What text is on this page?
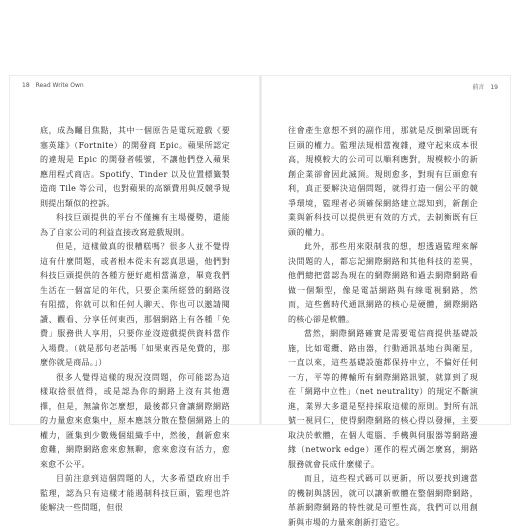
18 Read Write Own	前言 19

底，成為矚目焦點，其中一個原告是電玩遊戲《要塞英雄》（Fortnite）的開發商 Epic。蘋果所認定的違規是 Epic 的開發者帳號，不讓他們登入蘋果應用程式商店。Spotify、Tinder 以及位置標籤製造商 Tile 等公司，也對蘋果的高額費用與反競爭規則提出類似的控訴。

科技巨頭提供的平台不僅擁有主場優勢，還能為了自家公司的利益直接改寫遊戲規則。

但是，這樣做真的很糟糕嗎？很多人並不覺得這有什麼問題，或者根本從未有認真思過，他們對科技巨頭提供的各種方便好處相當滿意，畢竟我們生活在一個富足的年代，只要企業所經營的網路沒有阻擋，你就可以和任何人聊天、你也可以邀請閱讀、觀看、分享任何東西，那個網路上有各種「免費」服務供人享用，只要你並沒遊戲提供資料當作入場費。（就是那句老話嗎「如果東西是免費的，那麼你就是商品。」）

很多人覺得這樣的現況沒問題，你可能認為這樣取捨很值得，或是認為你的網路上沒有其他選擇，但是，無論你怎麼想，最後都只會讓網際網路的力量愈來愈集中，原本應該分散在整個網路上的權力，匯集到少數幾個組織手中，然後，創新愈來愈難，網際網路愈來愈無聊，愈來愈沒有活力，愈來愈不公平。

目前注意到這個問題的人，大多希望政府出手監理，認為只有這樣才能遏制科技巨頭，監理也許能解決一些問題，但很

往會產生意想不到的副作用，那就是反倒鞏固既有巨頭的權力。監理法規相當複雜，遵守起來成本很高，規模較大的公司可以順利應對，規模較小的新創企業卻會因此滅頂。規則愈多，對現有巨頭愈有利，真正要解決這個問題，就得打造一個公平的競爭環境，監理者必須確保網絡建立認知到，新創企業與新科技可以提供更有效的方式，去制衡既有巨頭的權力。

此外，那些用來限制我的想，想透過監理來解決問題的人，都忘記網際網路和其他科技的差異，他們總把當認為現在的網際網路和過去網際網路看做一個類型，像是電話網路與有線電視網路，然而，這些舊時代通訊網路的核心是硬體，網際網路的核心卻是軟體。

當然，網際網路確實是需要電信商提供基礎設施，比如電纜、路由器，行動通訊基地台與衛星，一直以來，這些基礎設施都保持中立，不偏好任何一方，平等的傳輸所有網際網路訊號，就算到了現在「網路中立性」（net neutrality）的規定不斷演進，業界大多還是堅持採取這樣的原則。對所有訊號一視同仁，使得網際網路的核心得以發揮，主要取決於軟體，在個人電腦、手機與伺服器等網路邊緣（network edge）運作的程式碼怎麼寫，網路服務就會長成什麼樣子。

而且，這些程式碼可以更新，所以要找到適當的機制與誘因，就可以讓新軟體在整個網際網路，革新網際網路的特性就是可塑性高，我們可以用創新與市場的力量來創新打造它。
